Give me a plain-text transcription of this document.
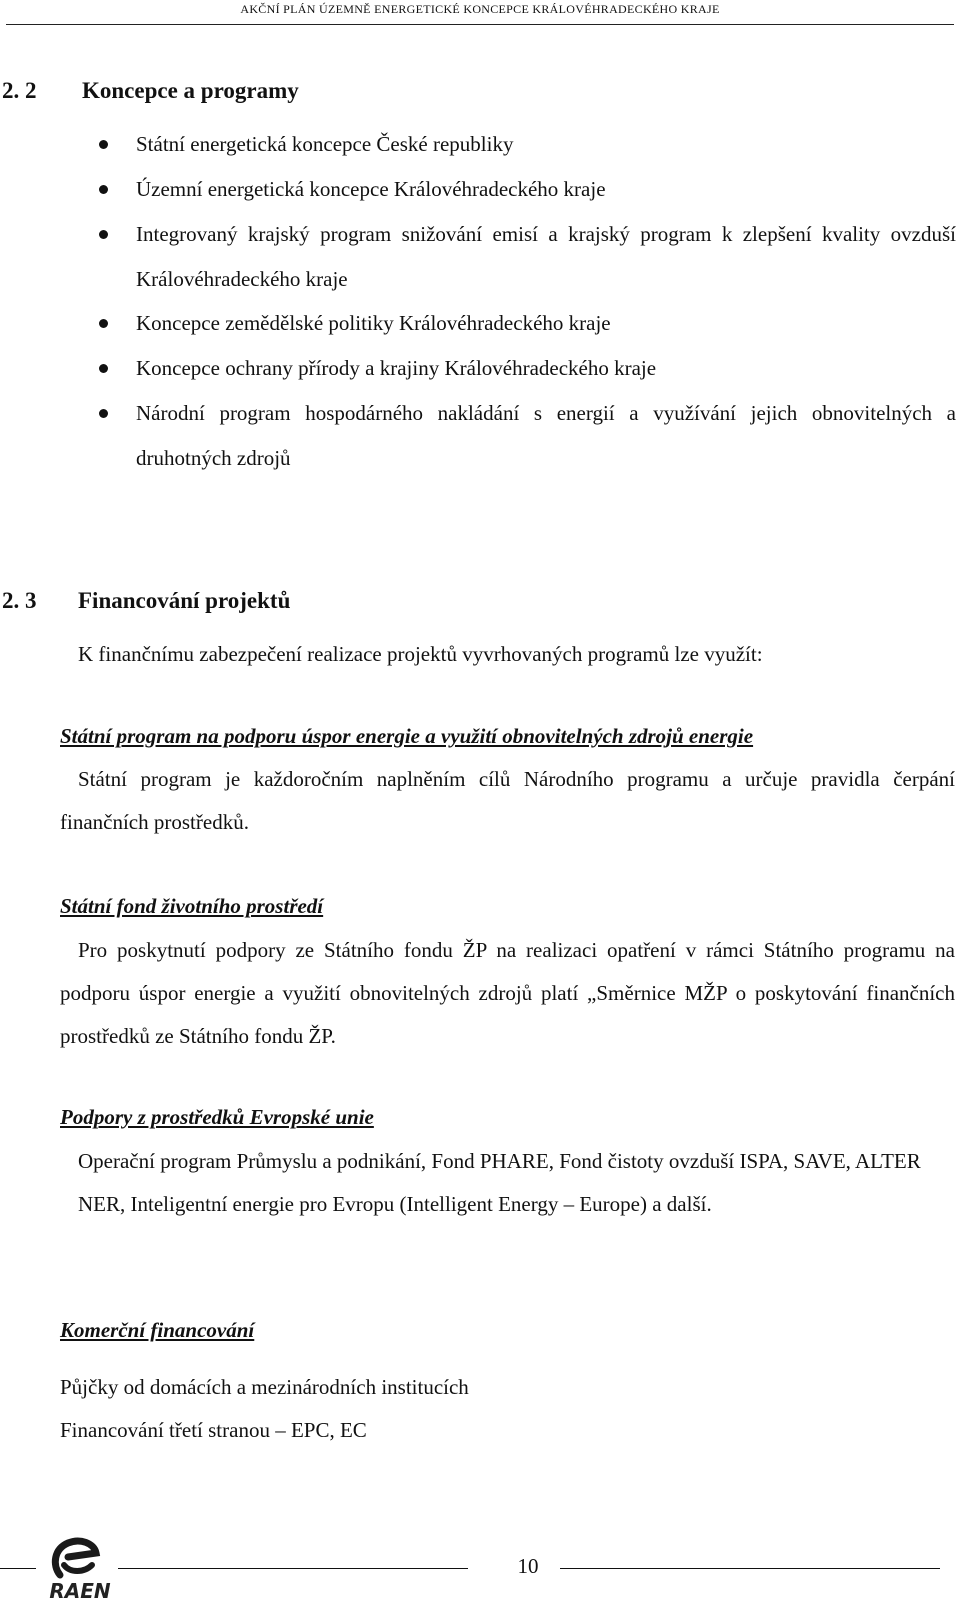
AKČNÍ PLÁN ÚZEMNĚ ENERGETICKÉ KONCEPCE KRÁLOVÉHRADECKÉHO KRAJE
2. 2 Koncepce a programy

Státní energetická koncepce České republiky

Územní energetická koncepce Královéhradeckého kraje

Integrovaný krajský program snižování emisí a krajský program k zlepšení kvality ovzduší Královéhradeckého kraje

Koncepce zemědělské politiky Královéhradeckého kraje

Koncepce ochrany přírody a krajiny Královéhradeckého kraje

Národní program hospodárného nakládání s energií a využívání jejich obnovitelných a druhotných zdrojů

2. 3 Financování projektů

K finančnímu zabezpečení realizace projektů vyvrhovaných programů lze využít:

Státní program na podporu úspor energie a využití obnovitelných zdrojů energie

Státní program je každoročním naplněním cílů Národního programu a určuje pravidla čerpání finančních prostředků.

Státní fond životního prostředí

Pro poskytnutí podpory ze Státního fondu ŽP na realizaci opatření v rámci Státního programu na podporu úspor energie a využití obnovitelných zdrojů platí „Směrnice MŽP o poskytování finančních prostředků ze Státního fondu ŽP.

Podpory z prostředků Evropské unie

Operační program Průmyslu a podnikání, Fond PHARE, Fond čistoty ovzduší ISPA, SAVE, ALTER NER, Inteligentní energie pro Evropu (Intelligent Energy – Europe) a další.

Komerční financování

Půjčky od domácích a mezinárodních institucích

Financování třetí stranou – EPC, EC

10
RAEN
